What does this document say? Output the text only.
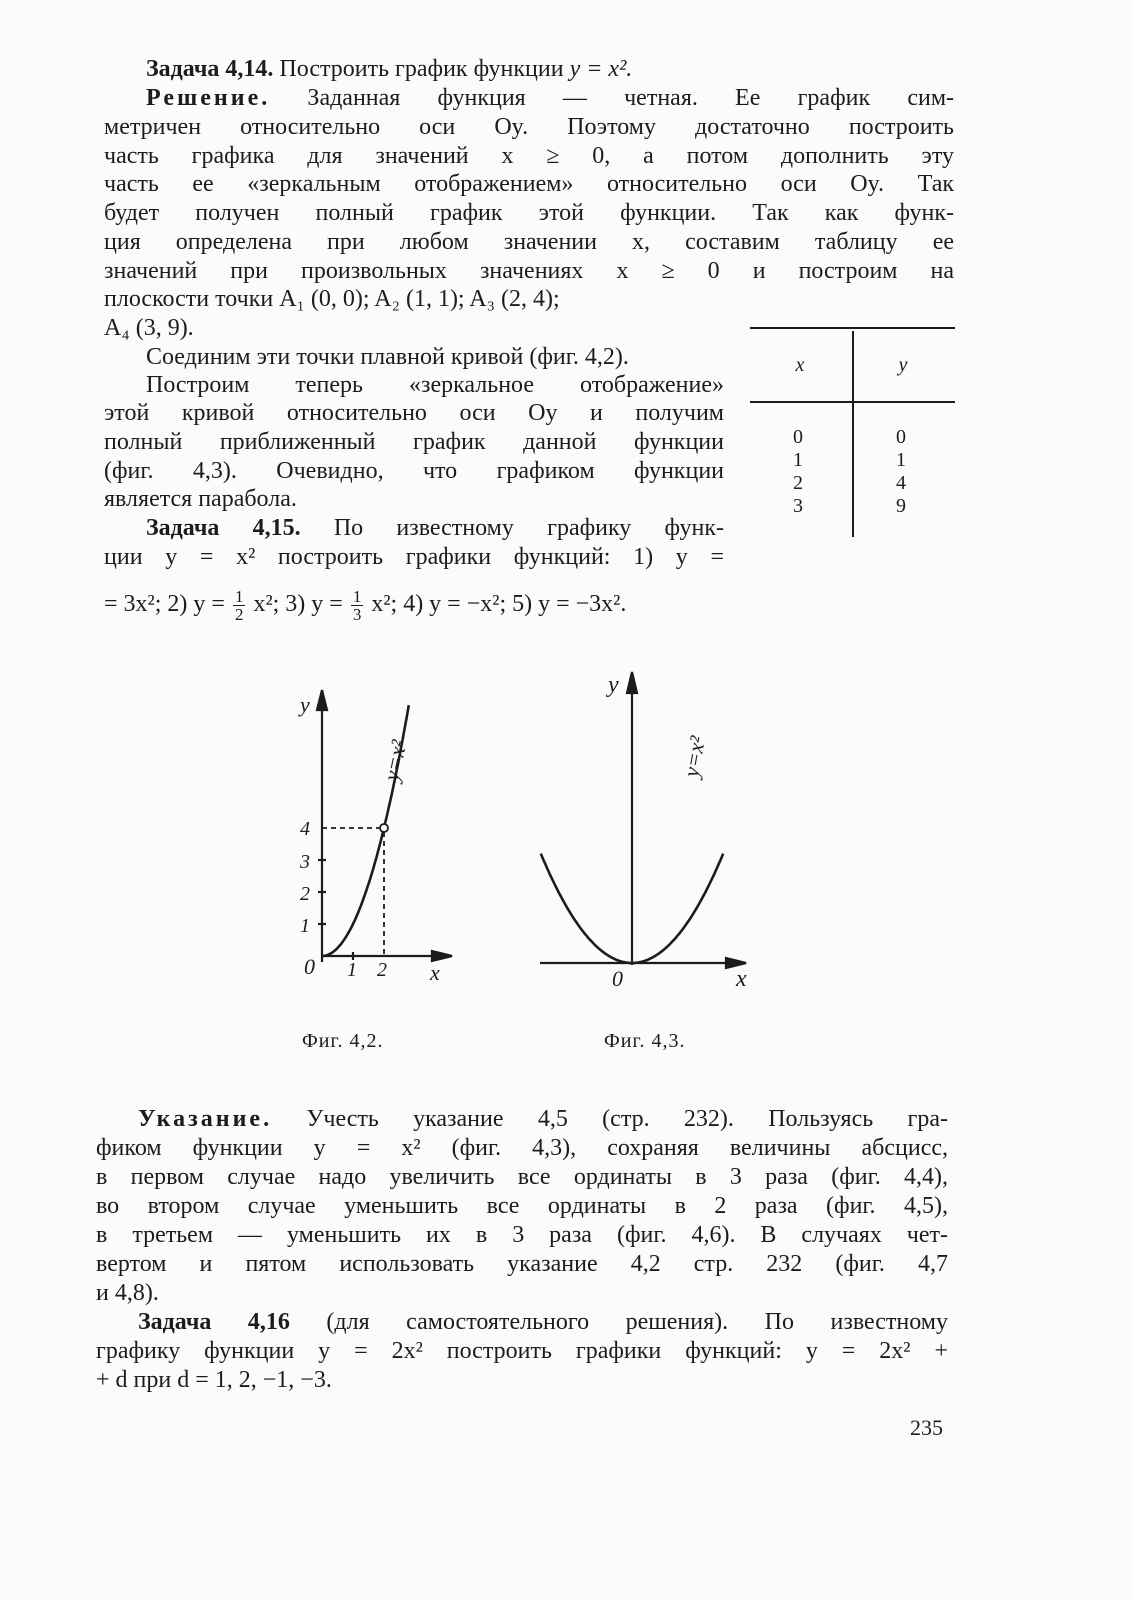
Задача 4,14. Построить график функции y = x².
Решение. Заданная функция — четная. Ее график сим-
метричен относительно оси Oy. Поэтому достаточно построить
часть графика для значений x ≥ 0, а потом дополнить эту
часть ее «зеркальным отображением» относительно оси Oy. Так
будет получен полный график этой функции. Так как функ-
ция определена при любом значении x, составим таблицу ее
значений при произвольных значениях x ≥ 0 и построим на
плоскости точки A₁ (0, 0); A₂ (1, 1); A₃ (2, 4);
A₄ (3, 9).
Соединим эти точки плавной кривой (фиг. 4,2).
Построим теперь «зеркальное отображение»
этой кривой относительно оси Oy и получим
полный приближенный график данной функции
(фиг. 4,3). Очевидно, что графиком функции
является парабола.
x	y
0	0
1	1
2	4
3	9
Задача 4,15. По известному графику функ-
ции y = x² построить графики функций: 1) y =
= 3x²; 2) $y = \frac{1}{2} x^2$; 3) $y = \frac{1}{3} x^2$; 4) y = −x²; 5) y = −3x².
y
x
0
1
2
3
4
1 2
y=x²
y
x
0
y=x²
Фиг. 4,2.	Фиг. 4,3.
Указание. Учесть указание 4,5 (стр. 232). Пользуясь гра-
фиком функции y = x² (фиг. 4,3), сохраняя величины абсцисс,
в первом случае надо увеличить все ординаты в 3 раза (фиг. 4,4),
во втором случае уменьшить все ординаты в 2 раза (фиг. 4,5),
в третьем — уменьшить их в 3 раза (фиг. 4,6). В случаях чет-
вертом и пятом использовать указание 4,2 стр. 232 (фиг. 4,7
и 4,8).
Задача 4,16 (для самостоятельного решения). По известному
графику функции y = 2x² построить графики функций: y = 2x² +
+ d при d = 1, 2, −1, −3.
235
